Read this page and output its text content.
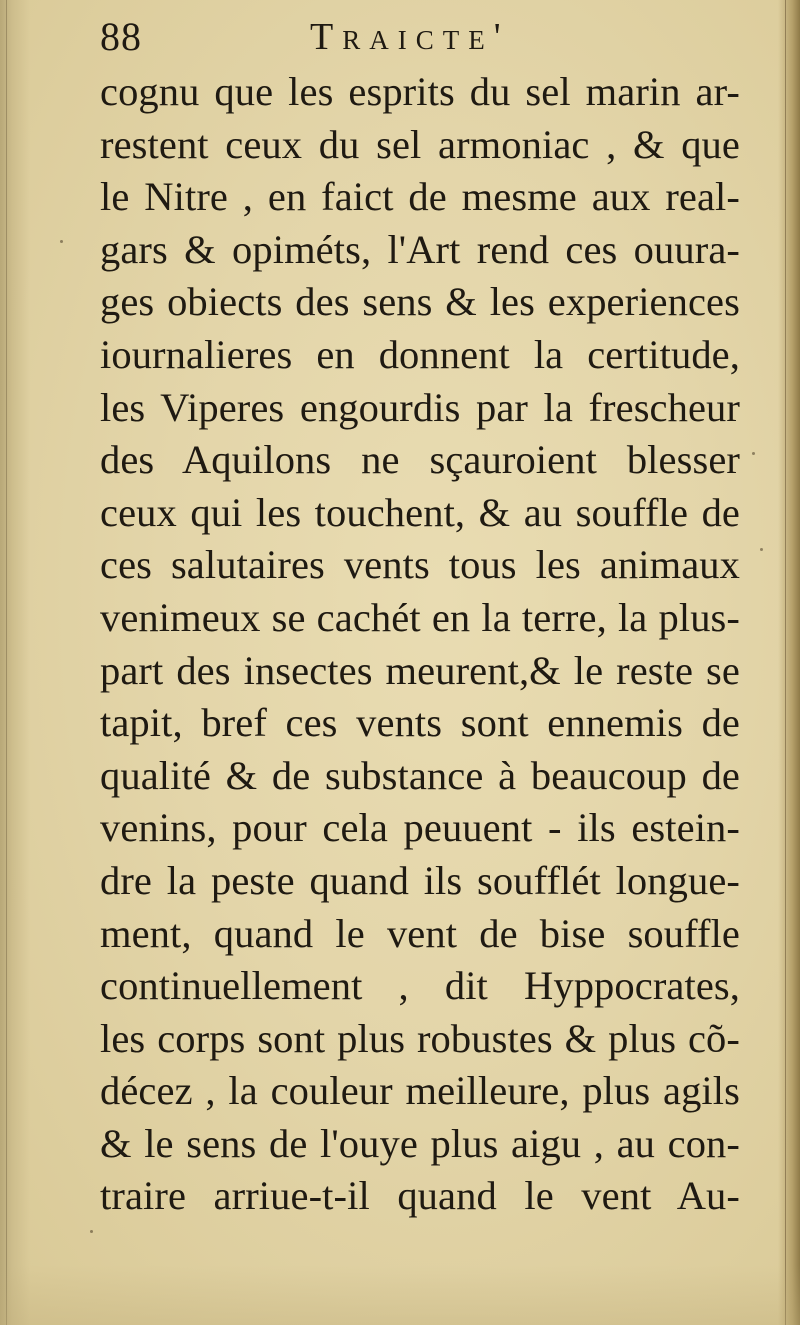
88	Traicte'
cognu que les esprits du sel marin ar-
restent ceux du sel armoniac , & que
le Nitre , en faict de mesme aux real-
gars & opiméts, l'Art rend ces ouura-
ges obiects des sens & les experiences
iournalieres en donnent la certitude,
les Viperes engourdis par la frescheur
des Aquilons ne sçauroient blesser
ceux qui les touchent, & au souffle de
ces salutaires vents tous les animaux
venimeux se cachét en la terre, la plus-
part des insectes meurent,& le reste se
tapit, bref ces vents sont ennemis de
qualité & de substance à beaucoup de
venins, pour cela peuuent - ils estein-
dre la peste quand ils soufflét longue-
ment, quand le vent de bise souffle
continuellement , dit Hyppocrates,
les corps sont plus robustes & plus cõ-
décez , la couleur meilleure, plus agils
& le sens de l'ouye plus aigu , au con-
traire arriue-t-il quand le vent Au-
